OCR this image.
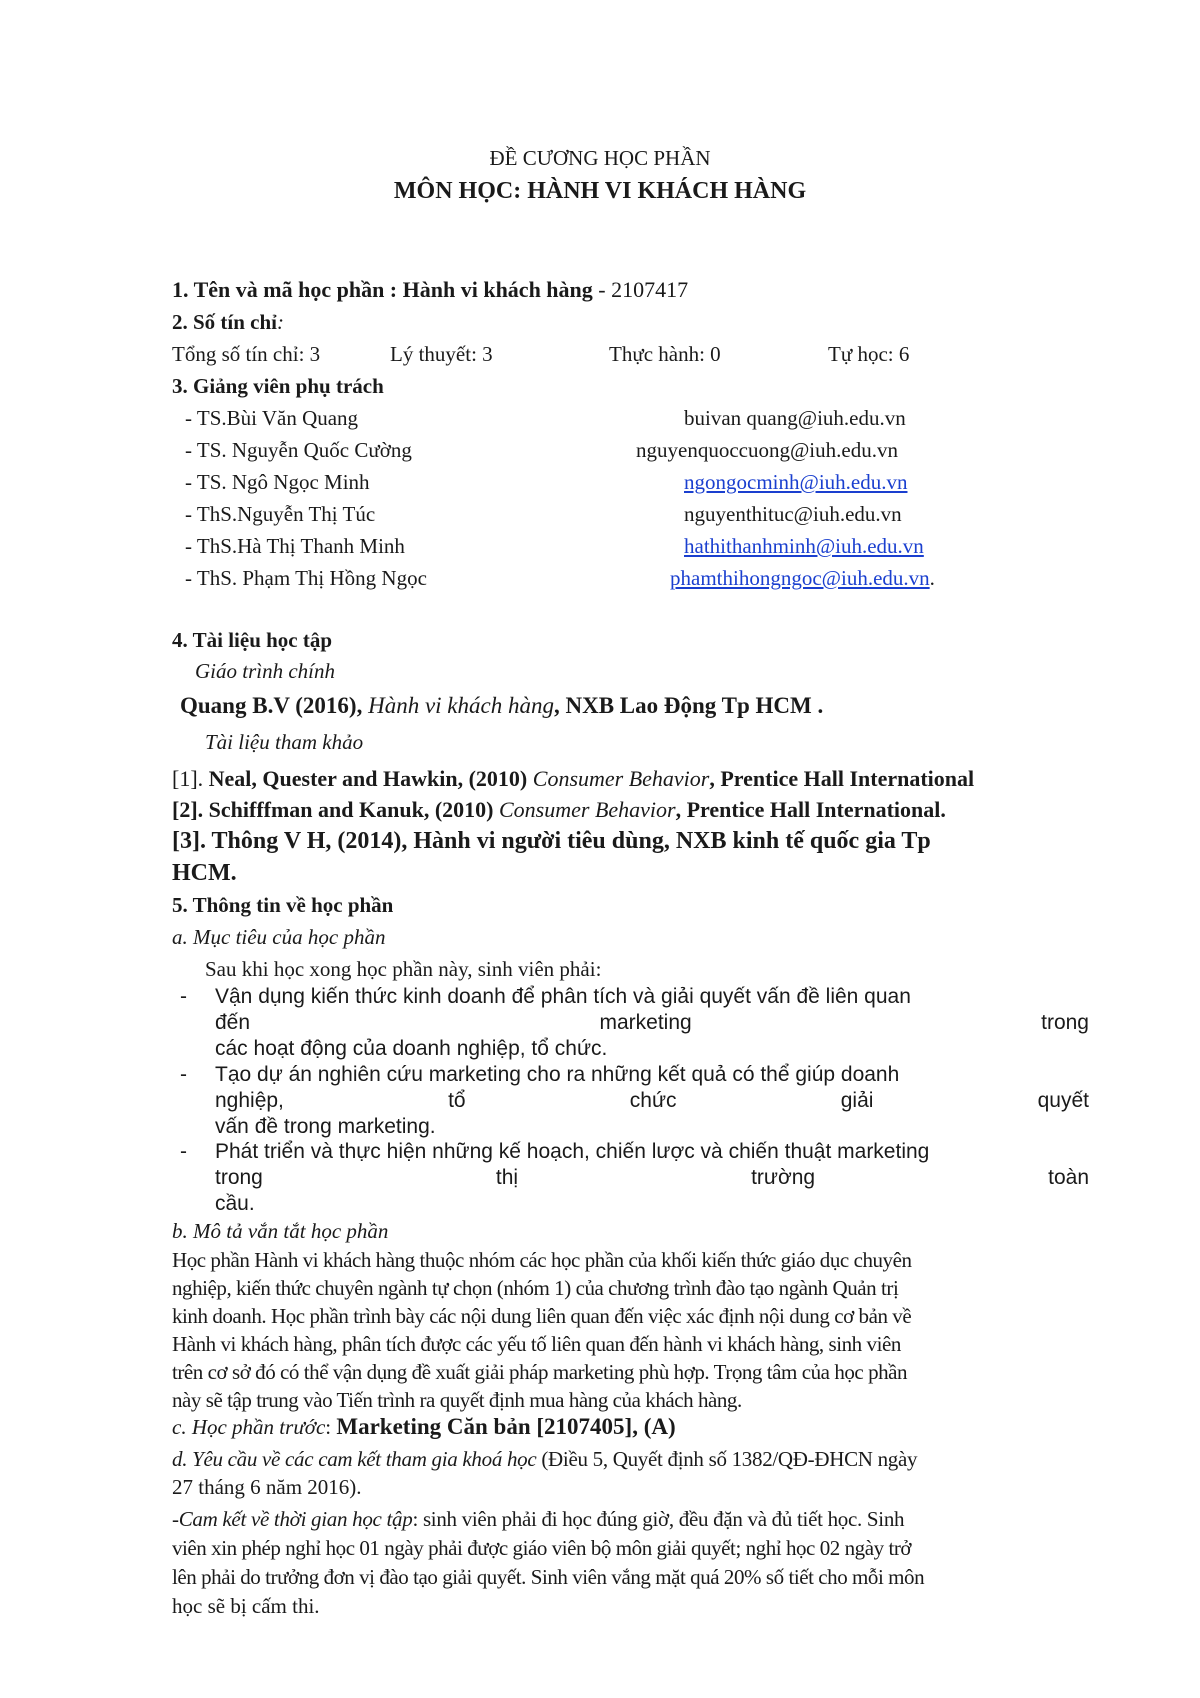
ĐỀ CƯƠNG HỌC PHẦN
MÔN HỌC: HÀNH VI KHÁCH HÀNG
1. Tên và mã học phần : Hành vi khách hàng - 2107417
2. Số tín chỉ:
Tổng số tín chỉ: 3	Lý thuyết: 3	Thực hành: 0	Tự học: 6
3. Giảng viên phụ trách
- TS.Bùi Văn Quang	buivan quang@iuh.edu.vn
- TS. Nguyễn Quốc Cường	nguyenquoccuong@iuh.edu.vn
- TS. Ngô Ngọc Minh	ngongocminh@iuh.edu.vn
- ThS.Nguyễn Thị Túc	nguyenthituc@iuh.edu.vn
- ThS.Hà Thị Thanh Minh	hathithanhminh@iuh.edu.vn
- ThS. Phạm Thị Hồng Ngọc	phamthihongngoc@iuh.edu.vn.
4. Tài liệu học tập
Giáo trình chính
Quang B.V (2016), Hành vi khách hàng, NXB Lao Động Tp HCM .
Tài liệu tham khảo
[1]. Neal, Quester and Hawkin, (2010) Consumer Behavior, Prentice Hall International
[2]. Schifffman and Kanuk, (2010) Consumer Behavior, Prentice Hall International.
[3]. Thông V H, (2014), Hành vi người tiêu dùng, NXB kinh tế quốc gia Tp
HCM.
5. Thông tin về học phần
a. Mục tiêu của học phần
Sau khi học xong học phần này, sinh viên phải:
- Vận dụng kiến thức kinh doanh để phân tích và giải quyết vấn đề liên quan
đến	marketing	trong
các hoạt động của doanh nghiệp, tổ chức.
- Tạo dự án nghiên cứu marketing cho ra những kết quả có thể giúp doanh
nghiệp,	tổ	chức	giải	quyết
vấn đề trong marketing.
- Phát triển và thực hiện những kế hoạch, chiến lược và chiến thuật marketing
trong	thị	trường	toàn
cầu.
b. Mô tả vắn tắt học phần
Học phần Hành vi khách hàng thuộc nhóm các học phần của khối kiến thức giáo dục chuyên
nghiệp, kiến thức chuyên ngành tự chọn (nhóm 1) của chương trình đào tạo ngành Quản trị
kinh doanh. Học phần trình bày các nội dung liên quan đến việc xác định nội dung cơ bản về
Hành vi khách hàng, phân tích được các yếu tố liên quan đến hành vi khách hàng, sinh viên
trên cơ sở đó có thể vận dụng đề xuất giải pháp marketing phù hợp. Trọng tâm của học phần
này sẽ tập trung vào Tiến trình ra quyết định mua hàng của khách hàng.
c. Học phần trước: Marketing Căn bản [2107405], (A)
d. Yêu cầu về các cam kết tham gia khoá học (Điều 5, Quyết định số 1382/QĐ-ĐHCN ngày
27 tháng 6 năm 2016).
-Cam kết về thời gian học tập: sinh viên phải đi học đúng giờ, đều đặn và đủ tiết học. Sinh
viên xin phép nghỉ học 01 ngày phải được giáo viên bộ môn giải quyết; nghỉ học 02 ngày trở
lên phải do trưởng đơn vị đào tạo giải quyết. Sinh viên vắng mặt quá 20% số tiết cho mỗi môn
học sẽ bị cấm thi.
